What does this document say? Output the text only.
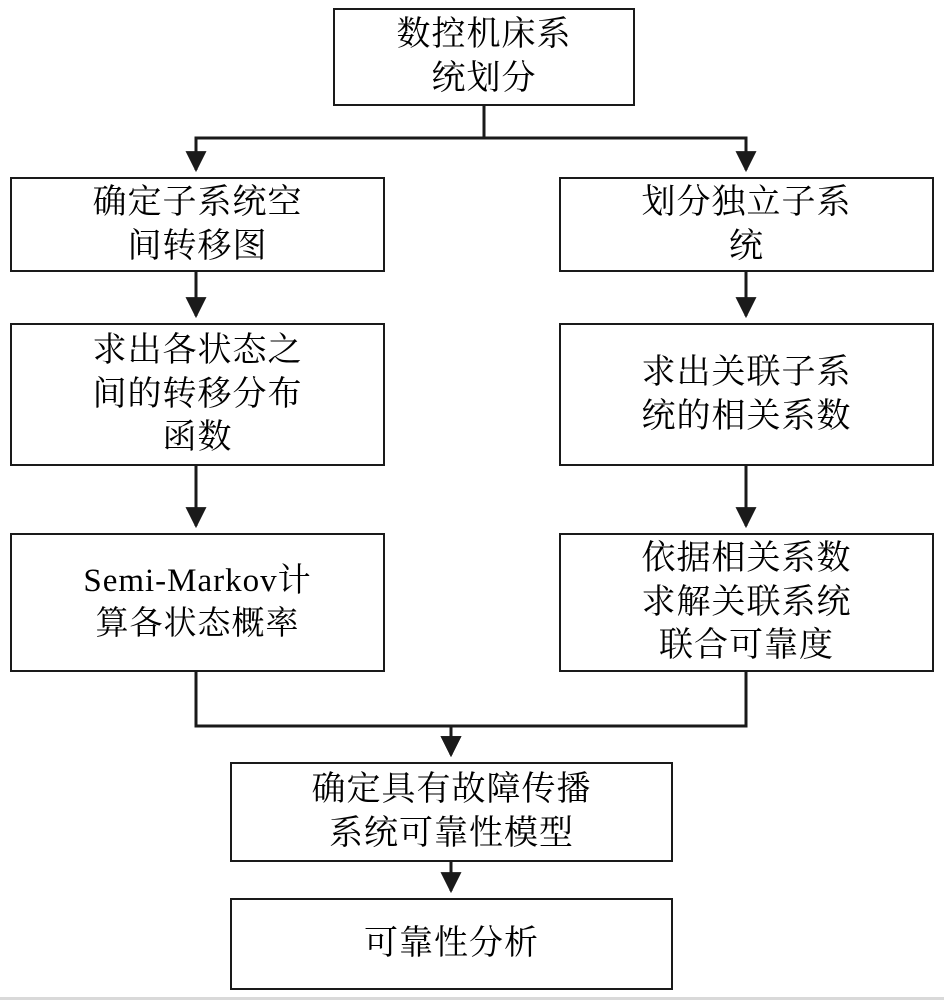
数控机床系
统划分
确定子系统空
间转移图
划分独立子系
统
求出各状态之
间的转移分布
函数
求出关联子系
统的相关系数
Semi-Markov计
算各状态概率
依据相关系数
求解关联系统
联合可靠度
确定具有故障传播
系统可靠性模型
可靠性分析
